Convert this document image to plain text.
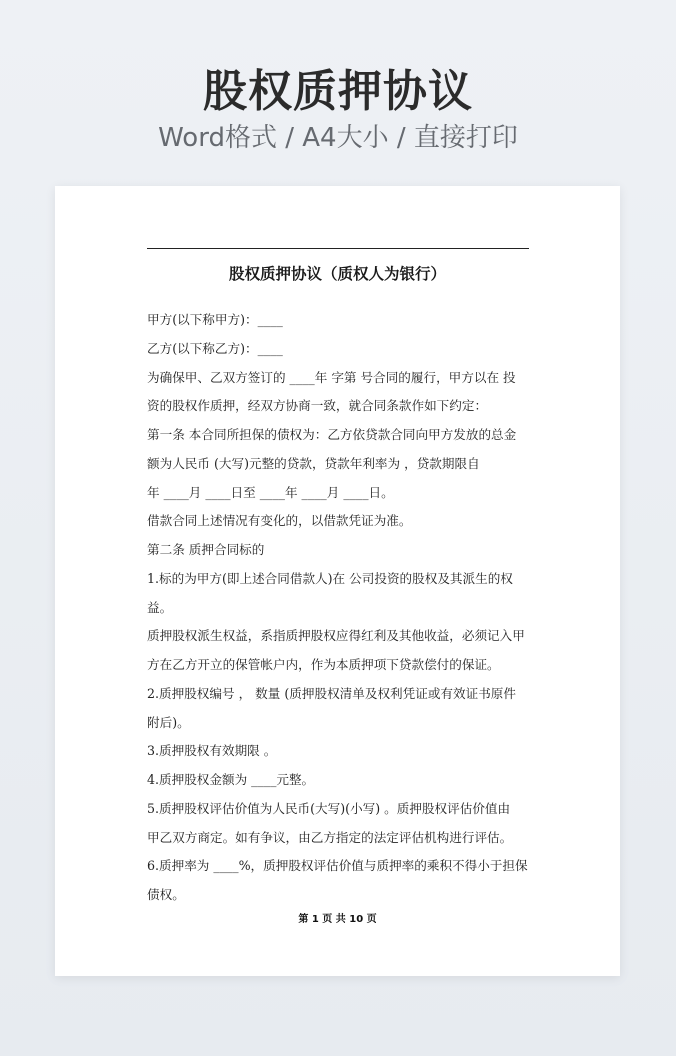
股权质押协议
Word格式 / A4大小 / 直接打印
股权质押协议（质权人为银行）
甲方(以下称甲方)：____
乙方(以下称乙方)：____
为确保甲、乙双方签订的 ____年 字第 号合同的履行，甲方以在 投
资的股权作质押，经双方协商一致，就合同条款作如下约定：
第一条 本合同所担保的债权为：乙方依贷款合同向甲方发放的总金
额为人民币 (大写)元整的贷款，贷款年利率为 ，贷款期限自
年 ____月 ____日至 ____年 ____月 ____日。
借款合同上述情况有变化的，以借款凭证为准。
第二条 质押合同标的
1.标的为甲方(即上述合同借款人)在 公司投资的股权及其派生的权
益。
质押股权派生权益，系指质押股权应得红利及其他收益，必须记入甲
方在乙方开立的保管帐户内，作为本质押项下贷款偿付的保证。
2.质押股权编号 ， 数量 (质押股权清单及权利凭证或有效证书原件
附后)。
3.质押股权有效期限 。
4.质押股权金额为 ____元整。
5.质押股权评估价值为人民币(大写)(小写) 。质押股权评估价值由
甲乙双方商定。如有争议，由乙方指定的法定评估机构进行评估。
6.质押率为 ____%，质押股权评估价值与质押率的乘积不得小于担保
债权。
第 1 页 共 10 页
